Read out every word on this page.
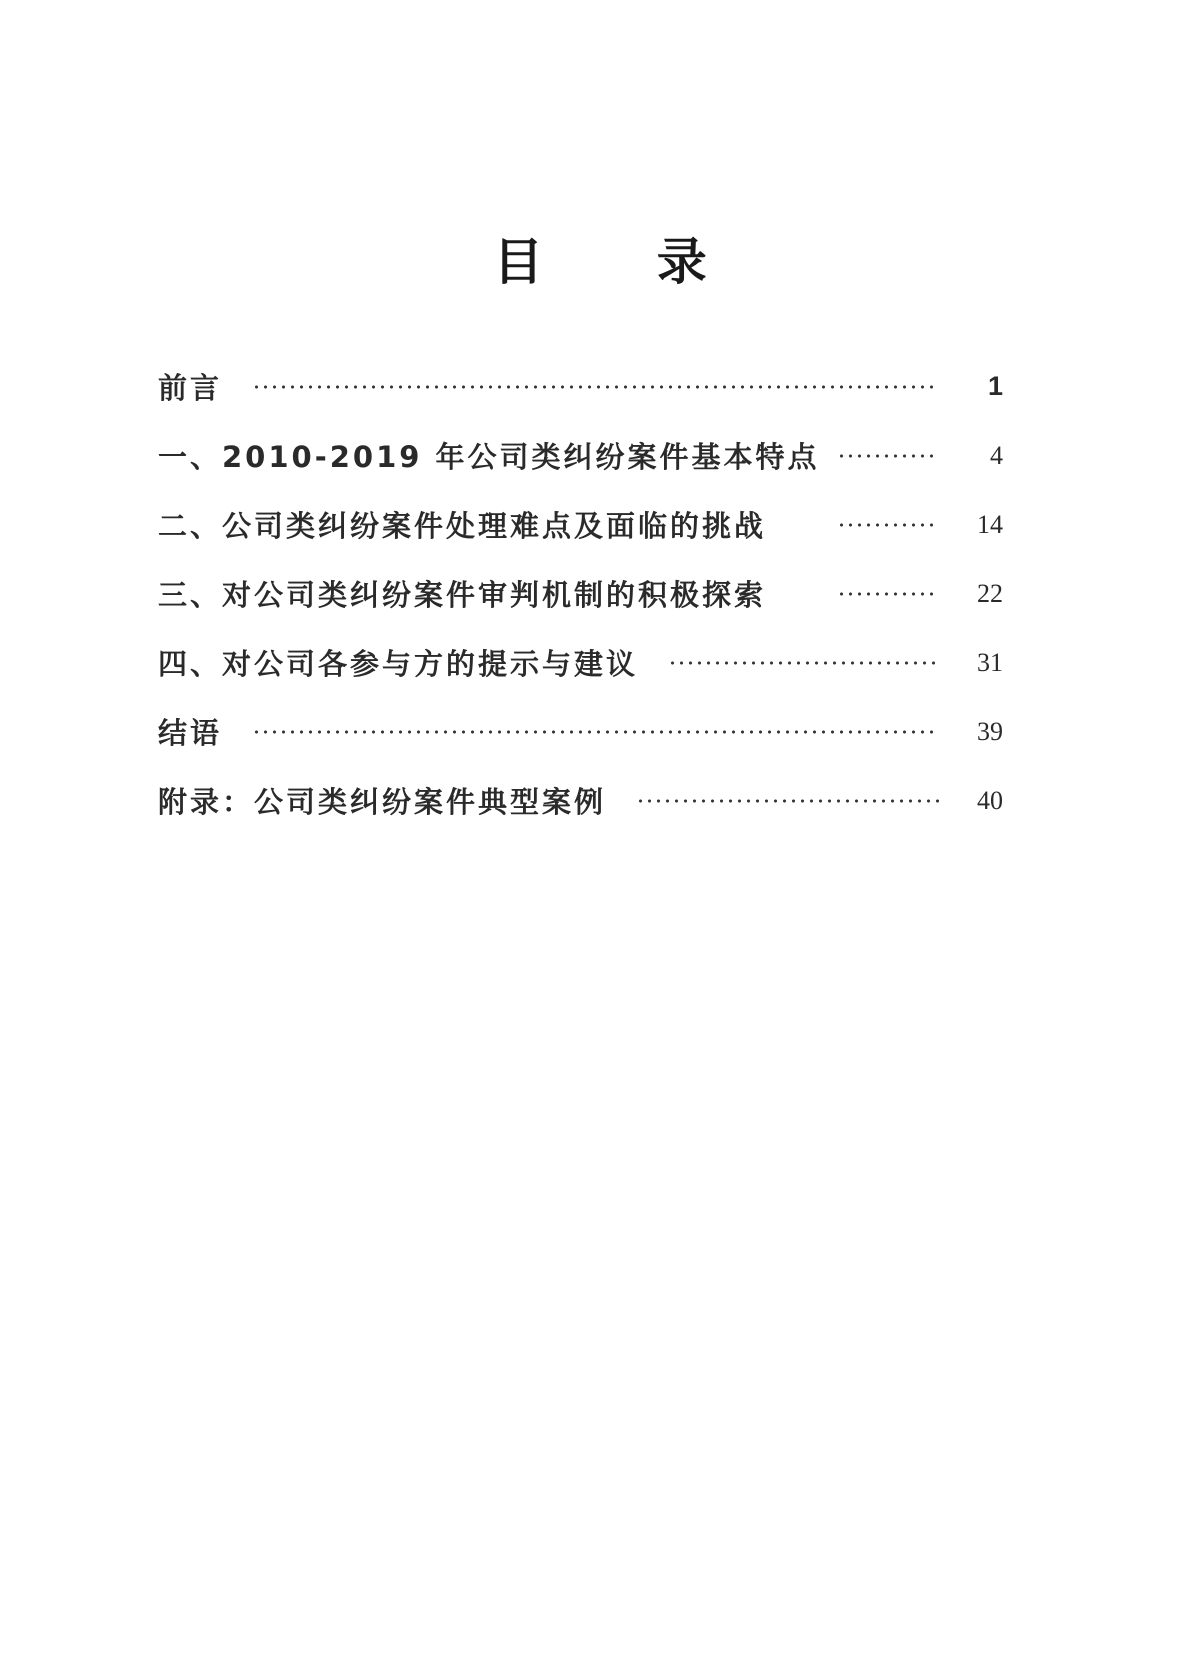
目 录
前言	1
一、2010-2019 年公司类纠纷案件基本特点	4
二、公司类纠纷案件处理难点及面临的挑战	14
三、对公司类纠纷案件审判机制的积极探索	22
四、对公司各参与方的提示与建议	31
结语	39
附录：公司类纠纷案件典型案例	40
